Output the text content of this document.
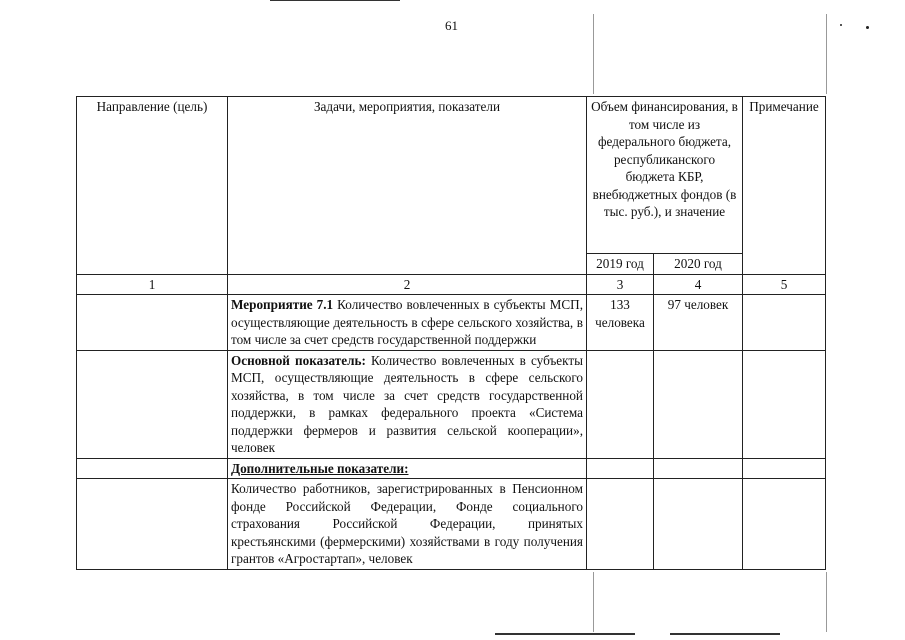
61
Направление (цель)	Задачи, мероприятия, показатели	Объем финансирования, в том числе из федерального бюджета, республиканского бюджета КБР, внебюджетных фондов (в тыс. руб.), и значение		Примечание
		2019 год	2020 год	
1	2	3	4	5
	Мероприятие 7.1 Количество вовлеченных в субъекты МСП, осуществляющие деятельность в сфере сельского хозяйства, в том числе за счет средств государственной поддержки	133 человека	97 человек	
	Основной показатель: Количество вовлеченных в субъекты МСП, осуществляющие деятельность в сфере сельского хозяйства, в том числе за счет средств государственной поддержки, в рамках федерального проекта «Система поддержки фермеров и развития сельской кооперации», человек			
	Дополнительные показатели:			
	Количество работников, зарегистрированных в Пенсионном фонде Российской Федерации, Фонде социального страхования Российской Федерации, принятых крестьянскими (фермерскими) хозяйствами в году получения грантов «Агростартап», человек			
